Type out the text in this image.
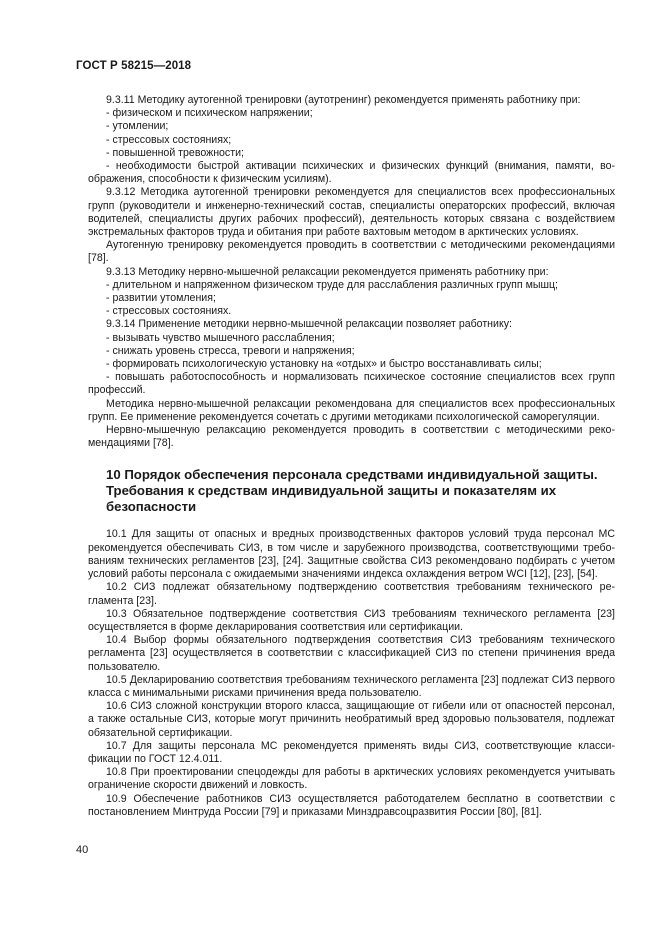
ГОСТ Р 58215—2018

9.3.11 Методику аутогенной тренировки (аутотренинг) рекомендуется применять работнику при:

- физическом и психическом напряжении;

- утомлении;

- стрессовых состояниях;

- повышенной тревожности;

- необходимости быстрой активации психических и физических функций (внимания, памяти, воображения, способности к физическим усилиям).

9.3.12 Методика аутогенной тренировки рекомендуется для специалистов всех профессиональных групп (руководители и инженерно-технический состав, специалисты операторских профессий, включая водителей, специалисты других рабочих профессий), деятельность которых связана с воздействием экстремальных факторов труда и обитания при работе вахтовым методом в арктических условиях.

Аутогенную тренировку рекомендуется проводить в соответствии с методическими рекомендациями [78].

9.3.13 Методику нервно-мышечной релаксации рекомендуется применять работнику при:

- длительном и напряженном физическом труде для расслабления различных групп мышц;

- развитии утомления;

- стрессовых состояниях.

9.3.14 Применение методики нервно-мышечной релаксации позволяет работнику:

- вызывать чувство мышечного расслабления;

- снижать уровень стресса, тревоги и напряжения;

- формировать психологическую установку на «отдых» и быстро восстанавливать силы;

- повышать работоспособность и нормализовать психическое состояние специалистов всех групп профессий.

Методика нервно-мышечной релаксации рекомендована для специалистов всех профессиональных групп. Ее применение рекомендуется сочетать с другими методиками психологической саморегуляции.

Нервно-мышечную релаксацию рекомендуется проводить в соответствии с методическими рекомендациями [78].

10 Порядок обеспечения персонала средствами индивидуальной защиты. Требования к средствам индивидуальной защиты и показателям их безопасности

10.1 Для защиты от опасных и вредных производственных факторов условий труда персонал МС рекомендуется обеспечивать СИЗ, в том числе и зарубежного производства, соответствующими требованиям технических регламентов [23], [24]. Защитные свойства СИЗ рекомендовано подбирать с учетом условий работы персонала с ожидаемыми значениями индекса охлаждения ветром WCI [12], [23], [54].

10.2 СИЗ подлежат обязательному подтверждению соответствия требованиям технического регламента [23].

10.3 Обязательное подтверждение соответствия СИЗ требованиям технического регламента [23] осуществляется в форме декларирования соответствия или сертификации.

10.4 Выбор формы обязательного подтверждения соответствия СИЗ требованиям технического регламента [23] осуществляется в соответствии с классификацией СИЗ по степени причинения вреда пользователю.

10.5 Декларированию соответствия требованиям технического регламента [23] подлежат СИЗ первого класса с минимальными рисками причинения вреда пользователю.

10.6 СИЗ сложной конструкции второго класса, защищающие от гибели или от опасностей персонал, а также остальные СИЗ, которые могут причинить необратимый вред здоровью пользователя, подлежат обязательной сертификации.

10.7 Для защиты персонала МС рекомендуется применять виды СИЗ, соответствующие классификации по ГОСТ 12.4.011.

10.8 При проектировании спецодежды для работы в арктических условиях рекомендуется учитывать ограничение скорости движений и ловкость.

10.9 Обеспечение работников СИЗ осуществляется работодателем бесплатно в соответствии с постановлением Минтруда России [79] и приказами Минздравсоцразвития России [80], [81].

40
